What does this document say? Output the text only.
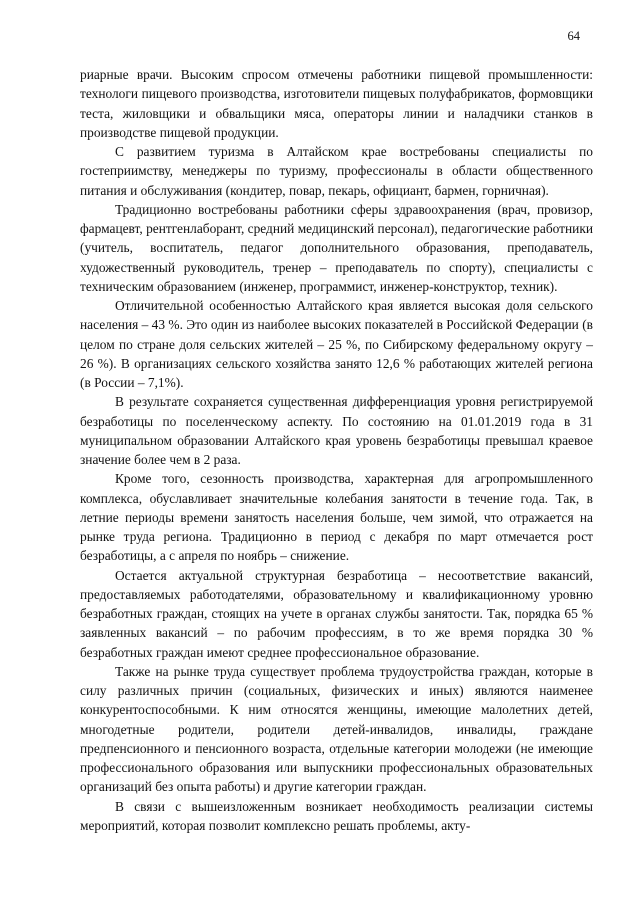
64

риарные врачи. Высоким спросом отмечены работники пищевой промышленности: технологи пищевого производства, изготовители пищевых полуфабрикатов, формовщики теста, жиловщики и обвальщики мяса, операторы линии и наладчики станков в производстве пищевой продукции.

С развитием туризма в Алтайском крае востребованы специалисты по гостеприимству, менеджеры по туризму, профессионалы в области общественного питания и обслуживания (кондитер, повар, пекарь, официант, бармен, горничная).

Традиционно востребованы работники сферы здравоохранения (врач, провизор, фармацевт, рентгенлаборант, средний медицинский персонал), педагогические работники (учитель, воспитатель, педагог дополнительного образования, преподаватель, художественный руководитель, тренер – преподаватель по спорту), специалисты с техническим образованием (инженер, программист, инженер-конструктор, техник).

Отличительной особенностью Алтайского края является высокая доля сельского населения – 43 %. Это один из наиболее высоких показателей в Российской Федерации (в целом по стране доля сельских жителей – 25 %, по Сибирскому федеральному округу – 26 %). В организациях сельского хозяйства занято 12,6 % работающих жителей региона (в России – 7,1%).

В результате сохраняется существенная дифференциация уровня регистрируемой безработицы по поселенческому аспекту. По состоянию на 01.01.2019 года в 31 муниципальном образовании Алтайского края уровень безработицы превышал краевое значение более чем в 2 раза.

Кроме того, сезонность производства, характерная для агропромышленного комплекса, обуславливает значительные колебания занятости в течение года. Так, в летние периоды времени занятость населения больше, чем зимой, что отражается на рынке труда региона. Традиционно в период с декабря по март отмечается рост безработицы, а с апреля по ноябрь – снижение.

Остается актуальной структурная безработица – несоответствие вакансий, предоставляемых работодателями, образовательному и квалификационному уровню безработных граждан, стоящих на учете в органах службы занятости. Так, порядка 65 % заявленных вакансий – по рабочим профессиям, в то же время порядка 30 % безработных граждан имеют среднее профессиональное образование.

Также на рынке труда существует проблема трудоустройства граждан, которые в силу различных причин (социальных, физических и иных) являются наименее конкурентоспособными. К ним относятся женщины, имеющие малолетних детей, многодетные родители, родители детей-инвалидов, инвалиды, граждане предпенсионного и пенсионного возраста, отдельные категории молодежи (не имеющие профессионального образования или выпускники профессиональных образовательных организаций без опыта работы) и другие категории граждан.

В связи с вышеизложенным возникает необходимость реализации системы мероприятий, которая позволит комплексно решать проблемы, акту-
